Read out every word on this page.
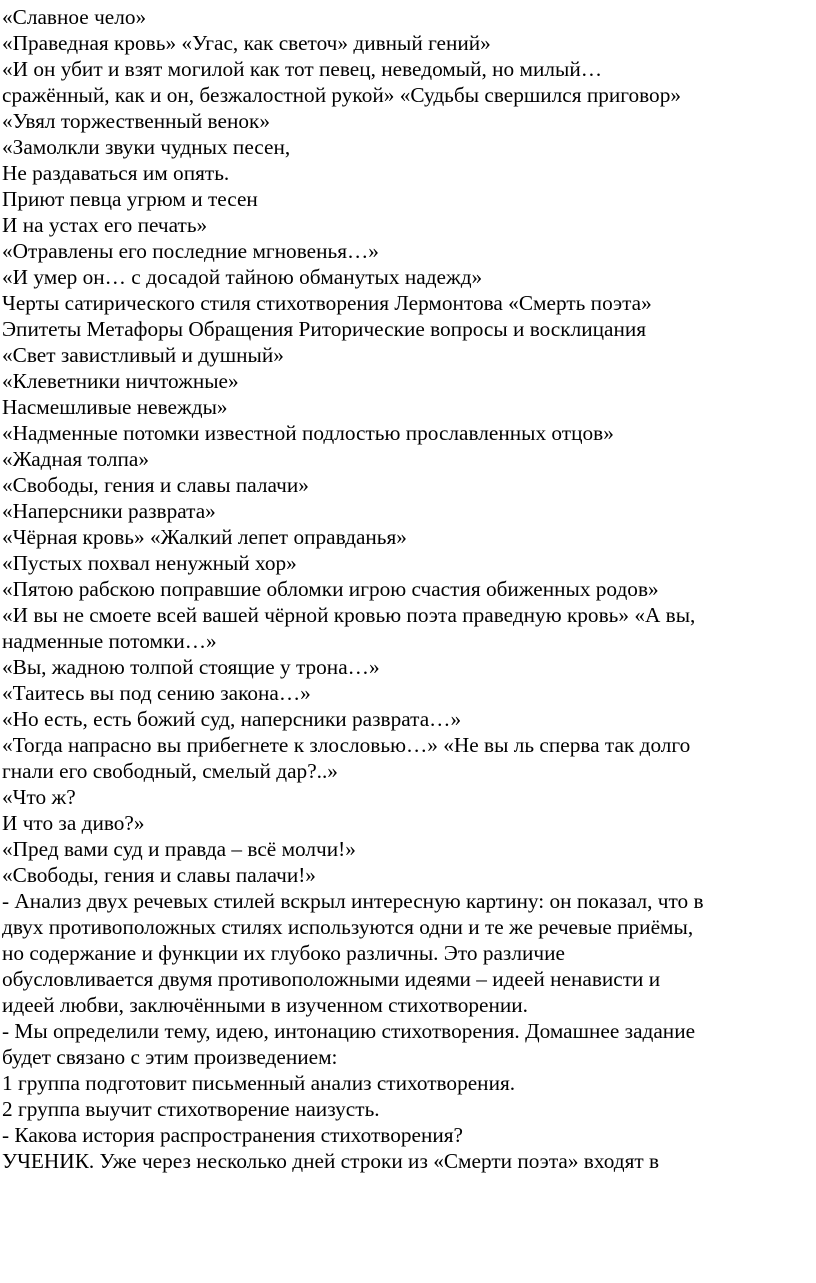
«Славное чело»

«Праведная кровь» «Угас, как светоч» дивный гений»

«И он убит и взят могилой как тот певец, неведомый, но милый…

сражённый, как и он, безжалостной рукой» «Судьбы свершился приговор»

«Увял торжественный венок»

«Замолкли звуки чудных песен,

Не раздаваться им опять.

Приют певца угрюм и тесен

И на устах его печать»

«Отравлены его последние мгновенья…»

«И умер он… с досадой тайною обманутых надежд»

Черты сатирического стиля стихотворения Лермонтова «Смерть поэта»

Эпитеты Метафоры Обращения Риторические вопросы и восклицания

«Свет завистливый и душный»

«Клеветники ничтожные»

Насмешливые невежды»

«Надменные потомки известной подлостью прославленных отцов»

«Жадная толпа»

«Свободы, гения и славы палачи»

«Наперсники разврата»

«Чёрная кровь» «Жалкий лепет оправданья»

«Пустых похвал ненужный хор»

«Пятою рабскою поправшие обломки игрою счастия обиженных родов»

«И вы не смоете всей вашей чёрной кровью поэта праведную кровь» «А вы,

надменные потомки…»

«Вы, жадною толпой стоящие у трона…»

«Таитесь вы под сению закона…»

«Но есть, есть божий суд, наперсники разврата…»

«Тогда напрасно вы прибегнете к злословью…» «Не вы ль сперва так долго

гнали его свободный, смелый дар?..»

«Что ж?

И что за диво?»

«Пред вами суд и правда – всё молчи!»

«Свободы, гения и славы палачи!»

- Анализ двух речевых стилей вскрыл интересную картину: он показал, что в

двух противоположных стилях используются одни и те же речевые приёмы,

но содержание и функции их глубоко различны. Это различие

обусловливается двумя противоположными идеями – идеей ненависти и

идеей любви, заключёнными в изученном стихотворении.

- Мы определили тему, идею, интонацию стихотворения. Домашнее задание

будет связано с этим произведением:

1 группа подготовит письменный анализ стихотворения.

2 группа выучит стихотворение наизусть.

- Какова история распространения стихотворения?

УЧЕНИК. Уже через несколько дней строки из «Смерти поэта» входят в
